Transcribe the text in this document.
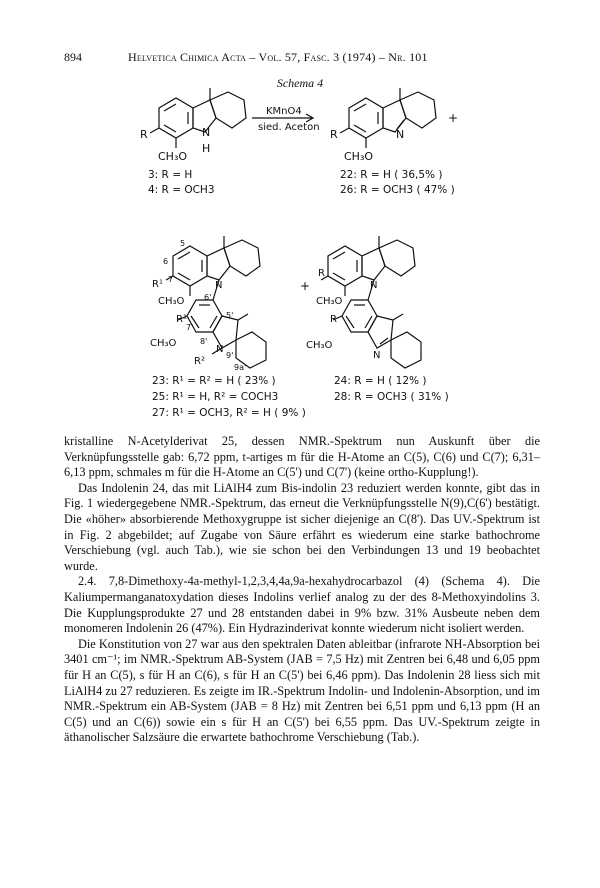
894	Helvetica Chimica Acta – Vol. 57, Fasc. 3 (1974) – Nr. 101
Schema 4
R	N
H
CH₃O
KMnO4
sied. Aceton
R	N
CH₃O
+
3: R = H
4: R = OCH3
22: R = H ( 36,5% )
26: R = OCH3 ( 47% )
5
6
7
R¹	N
CH₃O 6'
5'
R¹
7'
CH₃O	8'
N
9'
R²
9a'
R
N
CH₃O
+
R
CH₃O
N
23: R¹ = R² = H ( 23% )
25: R¹ = H, R² = COCH3
27: R¹ = OCH3, R² = H ( 9% )
24: R = H ( 12% )
28: R = OCH3 ( 31% )

kristalline N-Acetylderivat 25, dessen NMR.-Spektrum nun Auskunft über die Verknüpfungsstelle gab: 6,72 ppm, t-artiges m für die H-Atome an C(5), C(6) und C(7); 6,31–6,13 ppm, schmales m für die H-Atome an C(5') und C(7') (keine ortho-Kupplung!).

Das Indolenin 24, das mit LiAlH4 zum Bis-indolin 23 reduziert werden konnte, gibt das in Fig. 1 wiedergegebene NMR.-Spektrum, das erneut die Verknüpfungsstelle N(9),C(6') bestätigt. Die «höher» absorbierende Methoxygruppe ist sicher diejenige an C(8'). Das UV.-Spektrum ist in Fig. 2 abgebildet; auf Zugabe von Säure erfährt es wiederum eine starke bathochrome Verschiebung (vgl. auch Tab.), wie sie schon bei den Verbindungen 13 und 19 beobachtet wurde.

2.4. 7,8-Dimethoxy-4a-methyl-1,2,3,4,4a,9a-hexahydrocarbazol (4) (Schema 4). Die Kaliumpermanganatoxydation dieses Indolins verlief analog zu der des 8-Methoxyindolins 3. Die Kupplungsprodukte 27 und 28 entstanden dabei in 9% bzw. 31% Ausbeute neben dem monomeren Indolenin 26 (47%). Ein Hydrazinderivat konnte wiederum nicht isoliert werden.

Die Konstitution von 27 war aus den spektralen Daten ableitbar (infrarote NH-Absorption bei 3401 cm⁻¹; im NMR.-Spektrum AB-System (JAB = 7,5 Hz) mit Zentren bei 6,48 und 6,05 ppm für H an C(5), s für H an C(6), s für H an C(5') bei 6,46 ppm). Das Indolenin 28 liess sich mit LiAlH4 zu 27 reduzieren. Es zeigte im IR.-Spektrum Indolin- und Indolenin-Absorption, und im NMR.-Spektrum ein AB-System (JAB = 8 Hz) mit Zentren bei 6,51 ppm und 6,13 ppm (H an C(5) und an C(6)) sowie ein s für H an C(5') bei 6,55 ppm. Das UV.-Spektrum zeigte in äthanolischer Salzsäure die erwartete bathochrome Verschiebung (Tab.).
